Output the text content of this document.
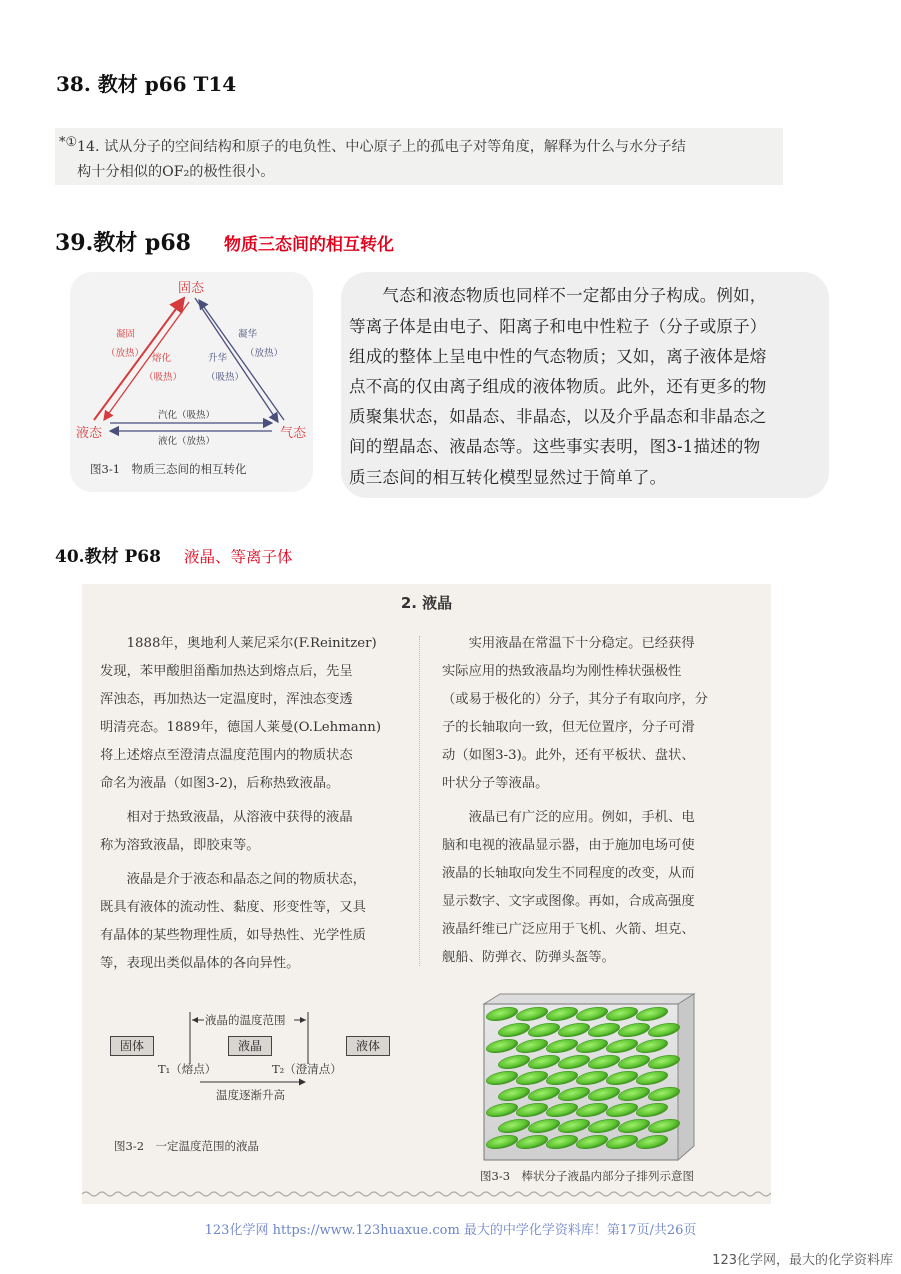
38. 教材 p66 T14
*① 14. 试从分子的空间结构和原子的电负性、中心原子上的孤电子对等角度，解释为什么与水分子结
构十分相似的OF₂的极性很小。
39.教材 p68 物质三态间的相互转化
固态
液态	气态
凝固
（放热） 熔化
（吸热）
凝华
（放热）
升华
（吸热）
汽化（吸热）
液化（放热）
图3-1　物质三态间的相互转化
　　气态和液态物质也同样不一定都由分子构成。例如，
等离子体是由电子、阳离子和电中性粒子（分子或原子）
组成的整体上呈电中性的气态物质；又如，离子液体是熔
点不高的仅由离子组成的液体物质。此外，还有更多的物
质聚集状态，如晶态、非晶态，以及介乎晶态和非晶态之
间的塑晶态、液晶态等。这些事实表明，图3-1描述的物
质三态间的相互转化模型显然过于简单了。
40.教材 P68 液晶、等离子体
2. 液晶
　　1888年，奥地利人莱尼采尔(F.Reinitzer)
发现，苯甲酸胆甾酯加热达到熔点后，先呈
浑浊态，再加热达一定温度时，浑浊态变透
明清亮态。1889年，德国人莱曼(O.Lehmann)
将上述熔点至澄清点温度范围内的物质状态
命名为液晶（如图3-2)，后称热致液晶。
　　相对于热致液晶，从溶液中获得的液晶
称为溶致液晶，即胶束等。
　　液晶是介于液态和晶态之间的物质状态，
既具有液体的流动性、黏度、形变性等，又具
有晶体的某些物理性质，如导热性、光学性质
等，表现出类似晶体的各向异性。
　　实用液晶在常温下十分稳定。已经获得
实际应用的热致液晶均为刚性棒状强极性
（或易于极化的）分子，其分子有取向序，分
子的长轴取向一致，但无位置序，分子可滑
动（如图3-3)。此外，还有平板状、盘状、
叶状分子等液晶。
　　液晶已有广泛的应用。例如，手机、电
脑和电视的液晶显示器，由于施加电场可使
液晶的长轴取向发生不同程度的改变，从而
显示数字、文字或图像。再如，合成高强度
液晶纤维已广泛应用于飞机、火箭、坦克、
舰船、防弹衣、防弹头盔等。
液晶的温度范围
固体	液晶	液体
T₁（熔点）	T₂（澄清点）
温度逐渐升高
图3-2　一定温度范围的液晶
图3-3　棒状分子液晶内部分子排列示意图
123化学网 https://www.123huaxue.com 最大的中学化学资料库！第17页/共26页
123化学网，最大的化学资料库
